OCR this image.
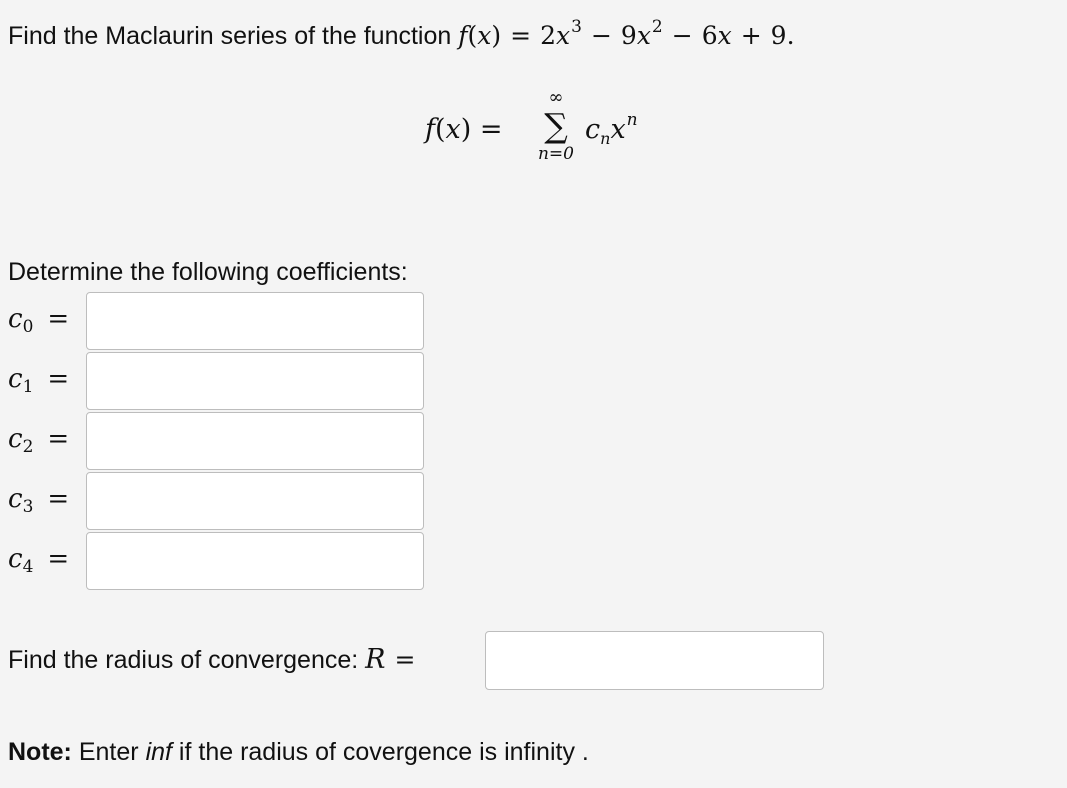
Find the Maclaurin series of the function $f(x) = 2x^3 - 9x^2 - 6x + 9$.
f(x) =
∞
∑
n=0
$c_nx^n$
Determine the following coefficients:
c0 =
c1 =
c2 =
c3 =
c4 =
Find the radius of convergence: R =
Note: Enter inf if the radius of covergence is infinity .
